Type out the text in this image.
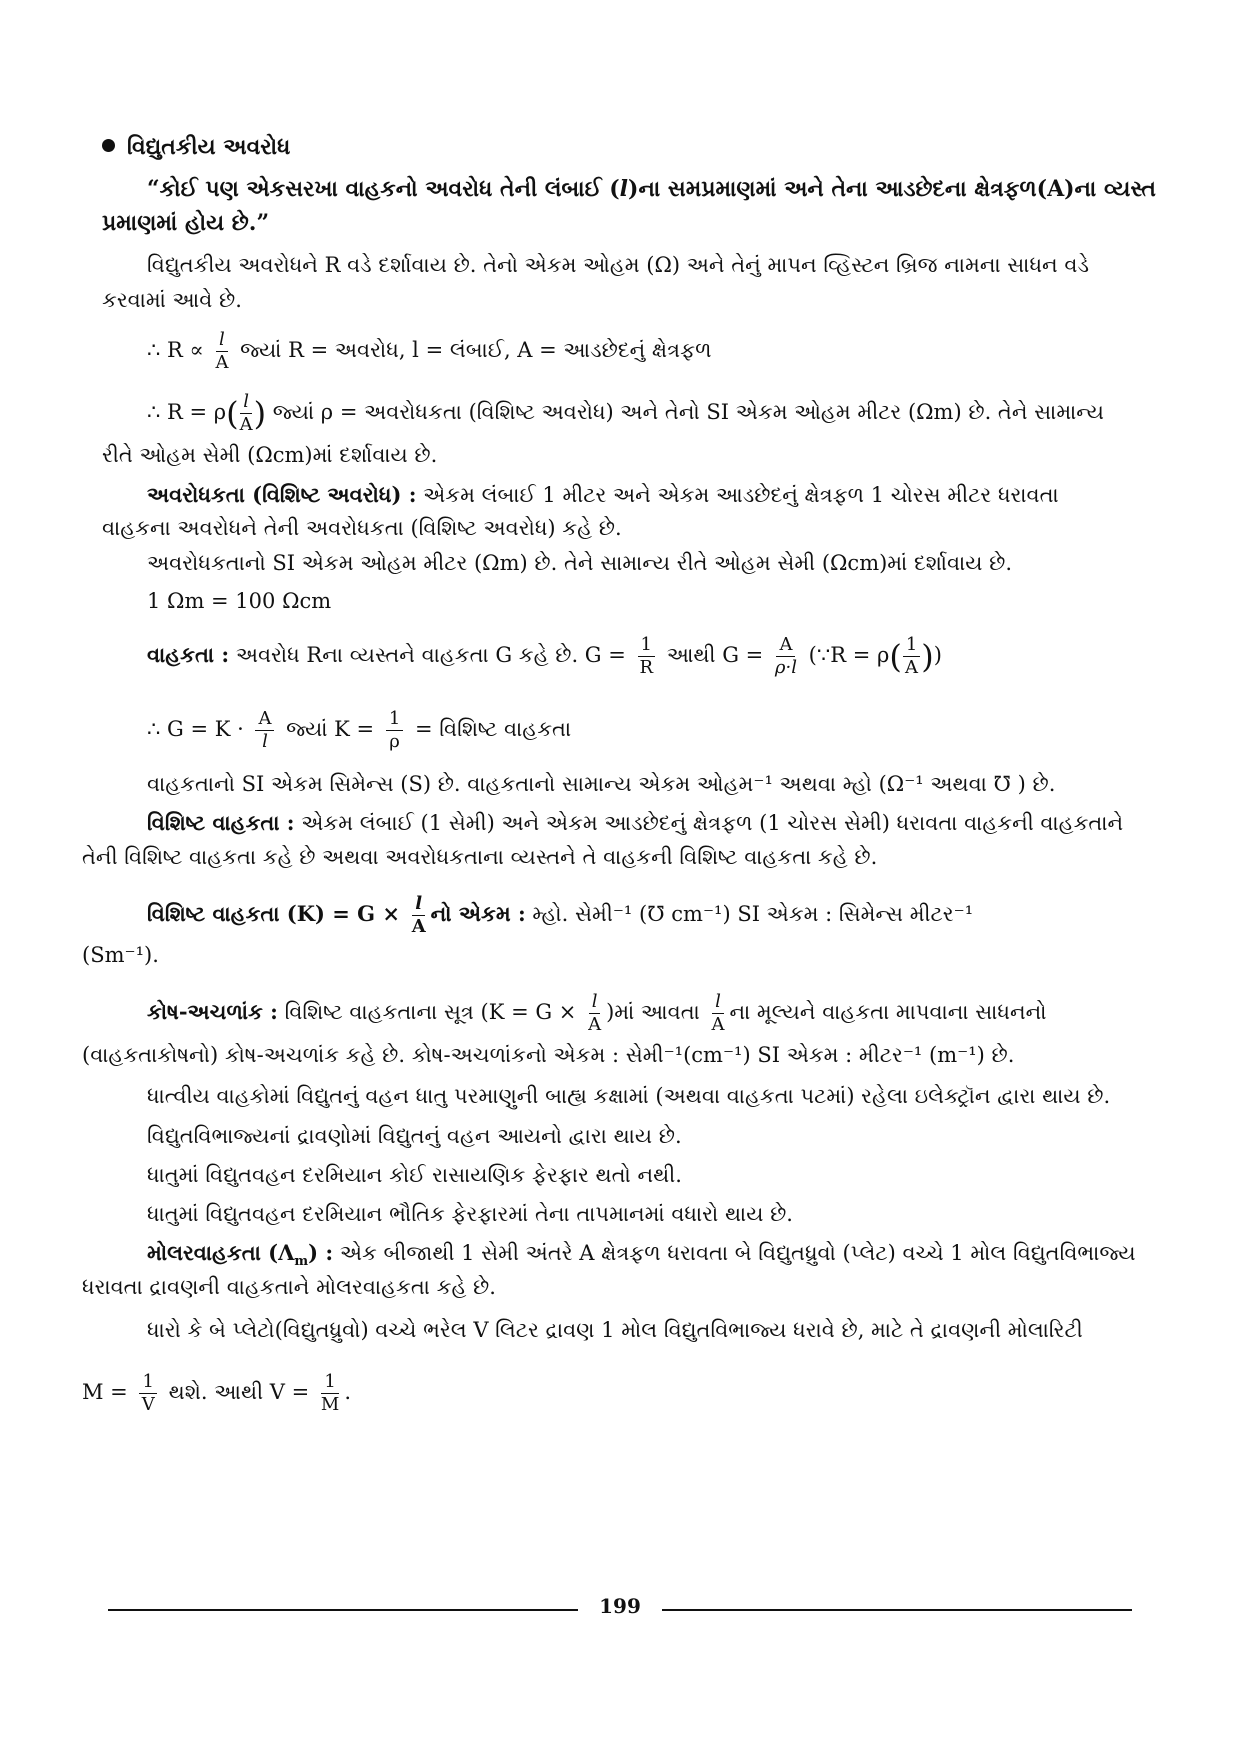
વિદ્યુતકીય અવરોધ
“કોઈ પણ એકસરખા વાહકનો અવરોધ તેની લંબાઈ (l)ના સમપ્રમાણમાં અને તેના આડછેદના ક્ષેત્રફળ(A)ના વ્યસ્ત
પ્રમાણમાં હોય છે.”
વિદ્યુતકીય અવરોધને R વડે દર્શાવાય છે. તેનો એકમ ઓહમ (Ω) અને તેનું માપન વ્હિસ્ટન બ્રિજ નામના સાધન વડે
કરવામાં આવે છે.
∴ $R \propto \frac{l}{A}$ જ્યાં R = અવરોધ, l = લંબાઈ, A = આડછેદનું ક્ષેત્રફળ
∴ $R = \rho( \frac{l}{A}$ ) જ્યાં ρ = અવરોધકતા (વિશિષ્ટ અવરોધ) અને તેનો SI એકમ ઓહમ મીટર (Ωm) છે. તેને સામાન્ય
રીતે ઓહમ સેમી (Ωcm)માં દર્શાવાય છે.
અવરોધકતા (વિશિષ્ટ અવરોધ) : એકમ લંબાઈ 1 મીટર અને એકમ આડછેદનું ક્ષેત્રફળ 1 ચોરસ મીટર ધરાવતા
વાહકના અવરોધને તેની અવરોધકતા (વિશિષ્ટ અવરોધ) કહે છે.
અવરોધકતાનો SI એકમ ઓહમ મીટર (Ωm) છે. તેને સામાન્ય રીતે ઓહમ સેમી (Ωcm)માં દર્શાવાય છે.
1 Ωm = 100 Ωcm
વાહકતા : અવરોધ Rના વ્યસ્તને વાહકતા G કહે છે. $G = \frac{1}{R}$ આથી $G = \frac{A}{\rho\cdot l}$ (∵R = $\rho( \frac{1}{A}$ ))
∴ $G = K \cdot \frac{A}{l}$ જ્યાં $K = \frac{1}{\rho}$ = વિશિષ્ટ વાહકતા
વાહકતાનો SI એકમ સિમેન્સ (S) છે. વાહકતાનો સામાન્ય એકમ ઓહમ⁻¹ અથવા મ્હો (Ω⁻¹ અથવા ℧ ) છે.
વિશિષ્ટ વાહકતા : એકમ લંબાઈ (1 સેમી) અને એકમ આડછેદનું ક્ષેત્રફળ (1 ચોરસ સેમી) ધરાવતા વાહકની વાહકતાને
તેની વિશિષ્ટ વાહકતા કહે છે અથવા અવરોધકતાના વ્યસ્તને તે વાહકની વિશિષ્ટ વાહકતા કહે છે.
વિશિષ્ટ વાહકતા $(K) = G \times \frac{l}{A}$ નો એકમ : મ્હો. સેમી⁻¹ (℧ cm⁻¹) SI એકમ : સિમેન્સ મીટર⁻¹
(Sm⁻¹).
કોષ-અચળાંક : વિશિષ્ટ વાહકતાના સૂત્ર ($K = G \times \frac{l}{A}$ )માં આવતા $\frac{l}{A}$ ના મૂલ્યને વાહકતા માપવાના સાધનનો
(વાહકતાકોષનો) કોષ-અચળાંક કહે છે. કોષ-અચળાંકનો એકમ : સેમી⁻¹(cm⁻¹) SI એકમ : મીટર⁻¹ (m⁻¹) છે.
ધાત્વીય વાહકોમાં વિદ્યુતનું વહન ધાતુ પરમાણુની બાહ્ય કક્ષામાં (અથવા વાહકતા પટમાં) રહેલા ઇલેક્ટ્રૉન દ્વારા થાય છે.
વિદ્યુતવિભાજ્યનાં દ્રાવણોમાં વિદ્યુતનું વહન આયનો દ્વારા થાય છે.
ધાતુમાં વિદ્યુતવહન દરમિયાન કોઈ રાસાયણિક ફેરફાર થતો નથી.
ધાતુમાં વિદ્યુતવહન દરમિયાન ભૌતિક ફેરફારમાં તેના તાપમાનમાં વધારો થાય છે.
મોલરવાહકતા $(\Lambda_m)$ : એક બીજાથી 1 સેમી અંતરે A ક્ષેત્રફળ ધરાવતા બે વિદ્યુતધ્રુવો (પ્લેટ) વચ્ચે 1 મોલ વિદ્યુતવિભાજ્ય
ધરાવતા દ્રાવણની વાહકતાને મોલરવાહકતા કહે છે.
ધારો કે બે પ્લેટો(વિદ્યુતધ્રુવો) વચ્ચે ભરેલ V લિટર દ્રાવણ 1 મોલ વિદ્યુતવિભાજ્ય ધરાવે છે, માટે તે દ્રાવણની મોલારિટી
$M = \frac{1}{V}$ થશે. આથી $V = \frac{1}{M}$ .
199
